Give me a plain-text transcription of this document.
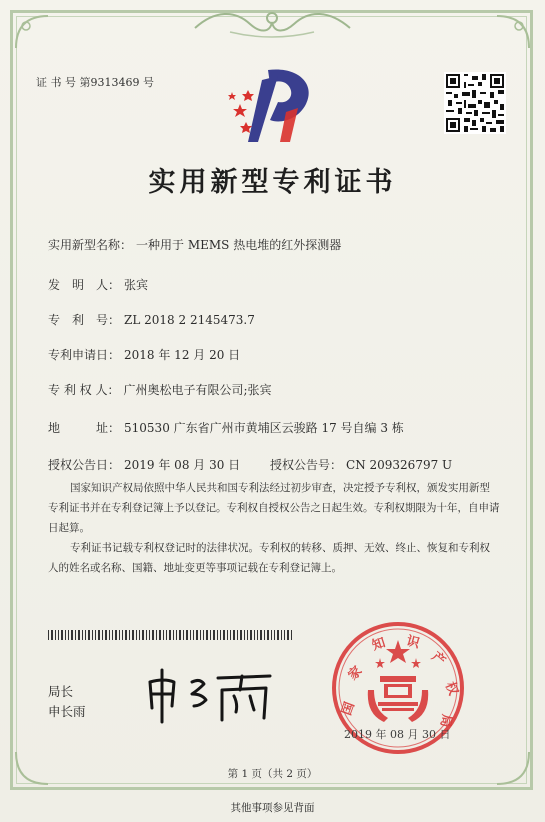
证 书 号 第9313469 号
实用新型专利证书
实用新型名称： 一种用于 MEMS 热电堆的红外探测器
发　明　人： 张宾
专　利　号： ZL 2018 2 2145473.7
专利申请日： 2018 年 12 月 20 日
专 利 权 人： 广州奥松电子有限公司;张宾
地　　　址： 510530 广东省广州市黄埔区云骏路 17 号自编 3 栋
授权公告日： 2019 年 08 月 30 日 授权公告号： CN 209326797 U
国家知识产权局依照中华人民共和国专利法经过初步审查，决定授予专利权，颁发实用新型专利证书并在专利登记簿上予以登记。专利权自授权公告之日起生效。专利权期限为十年，自申请日起算。
专利证书记载专利权登记时的法律状况。专利权的转移、质押、无效、终止、恢复和专利权人的姓名或名称、国籍、地址变更等事项记载在专利登记簿上。
局长
申长雨	国
家
知 识
产
权
局
2019 年 08 月 30 日
第 1 页（共 2 页）
其他事项参见背面
